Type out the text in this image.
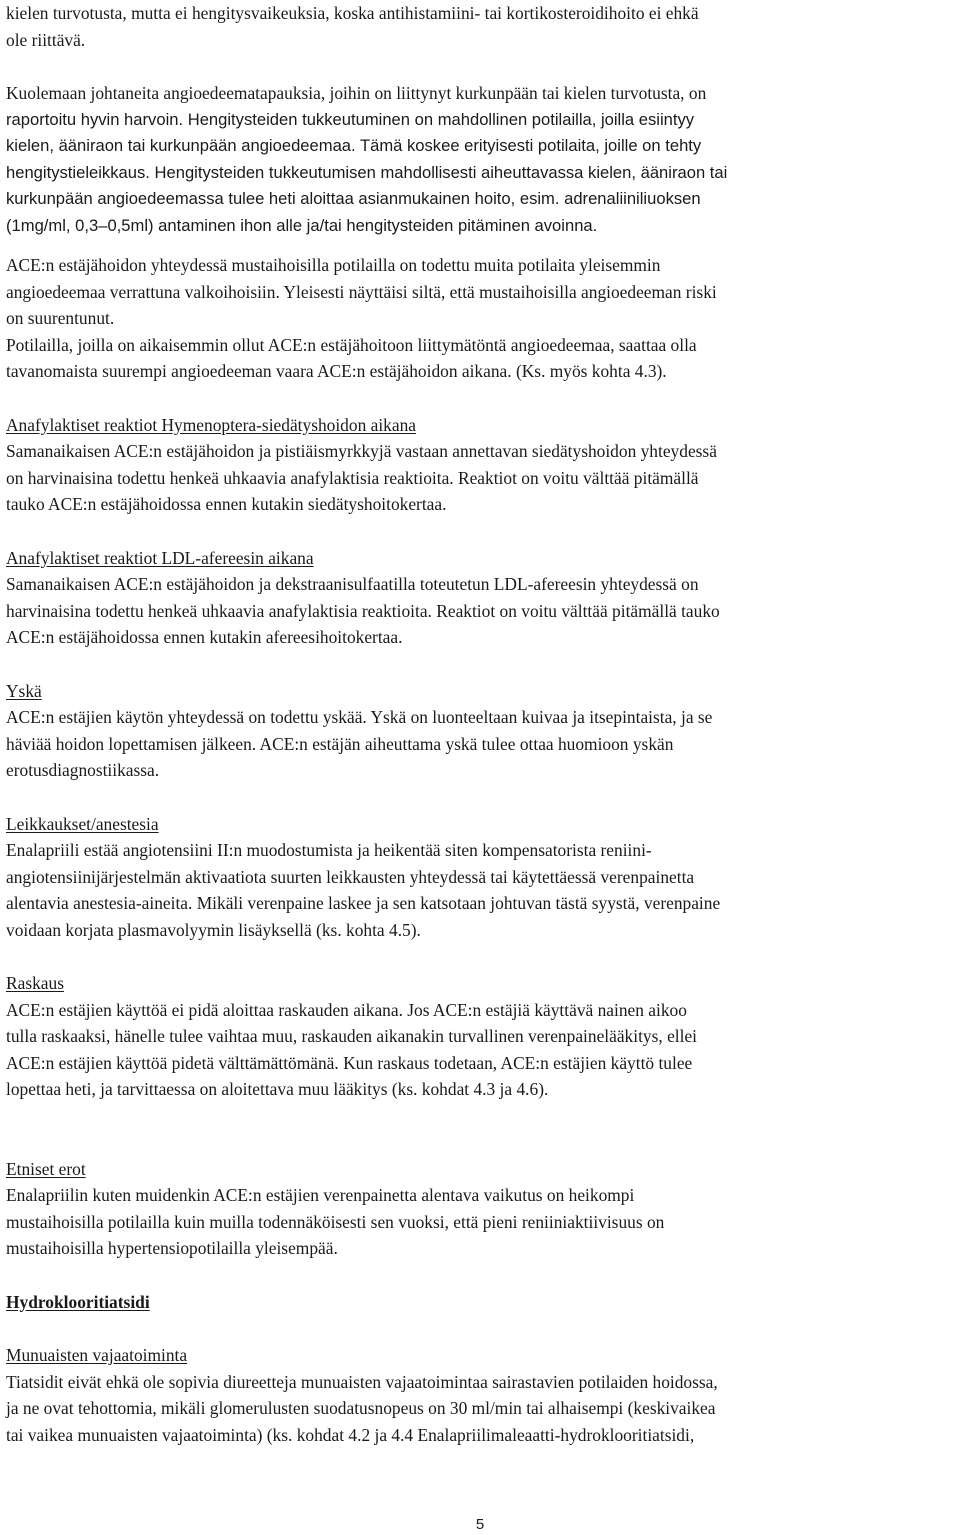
kielen turvotusta, mutta ei hengitysvaikeuksia, koska antihistamiini- tai kortikosteroidihoito ei ehkä
ole riittävä.

Kuolemaan johtaneita angioedeematapauksia, joihin on liittynyt kurkunpään tai kielen turvotusta, on
raportoitu hyvin harvoin. Hengitysteiden tukkeutuminen on mahdollinen potilailla, joilla esiintyy
kielen, ääniraon tai kurkunpään angioedeemaa. Tämä koskee erityisesti potilaita, joille on tehty
hengitystieleikkaus. Hengitysteiden tukkeutumisen mahdollisesti aiheuttavassa kielen, ääniraon tai
kurkunpään angioedeemassa tulee heti aloittaa asianmukainen hoito, esim. adrenaliiniliuoksen
(1mg/ml, 0,3–0,5ml) antaminen ihon alle ja/tai hengitysteiden pitäminen avoinna.

ACE:n estäjähoidon yhteydessä mustaihoisilla potilailla on todettu muita potilaita yleisemmin
angioedeemaa verrattuna valkoihoisiin. Yleisesti näyttäisi siltä, että mustaihoisilla angioedeeman riski
on suurentunut.

Potilailla, joilla on aikaisemmin ollut ACE:n estäjähoitoon liittymätöntä angioedeemaa, saattaa olla
tavanomaista suurempi angioedeeman vaara ACE:n estäjähoidon aikana. (Ks. myös kohta 4.3).

Anafylaktiset reaktiot Hymenoptera-siedätyshoidon aikana

Samanaikaisen ACE:n estäjähoidon ja pistiäismyrkkyjä vastaan annettavan siedätyshoidon yhteydessä
on harvinaisina todettu henkeä uhkaavia anafylaktisia reaktioita. Reaktiot on voitu välttää pitämällä
tauko ACE:n estäjähoidossa ennen kutakin siedätyshoitokertaa.

Anafylaktiset reaktiot LDL-afereesin aikana

Samanaikaisen ACE:n estäjähoidon ja dekstraanisulfaatilla toteutetun LDL-afereesin yhteydessä on
harvinaisina todettu henkeä uhkaavia anafylaktisia reaktioita. Reaktiot on voitu välttää pitämällä tauko
ACE:n estäjähoidossa ennen kutakin afereesihoitokertaa.

Yskä

ACE:n estäjien käytön yhteydessä on todettu yskää. Yskä on luonteeltaan kuivaa ja itsepintaista, ja se
häviää hoidon lopettamisen jälkeen. ACE:n estäjän aiheuttama yskä tulee ottaa huomioon yskän
erotusdiagnostiikassa.

Leikkaukset/anestesia

Enalapriili estää angiotensiini II:n muodostumista ja heikentää siten kompensatorista reniini-
angiotensiinijärjestelmän aktivaatiota suurten leikkausten yhteydessä tai käytettäessä verenpainetta
alentavia anestesia-aineita. Mikäli verenpaine laskee ja sen katsotaan johtuvan tästä syystä, verenpaine
voidaan korjata plasmavolyymin lisäyksellä (ks. kohta 4.5).

Raskaus

ACE:n estäjien käyttöä ei pidä aloittaa raskauden aikana. Jos ACE:n estäjiä käyttävä nainen aikoo
tulla raskaaksi, hänelle tulee vaihtaa muu, raskauden aikanakin turvallinen verenpainelääkitys, ellei
ACE:n estäjien käyttöä pidetä välttämättömänä. Kun raskaus todetaan, ACE:n estäjien käyttö tulee
lopettaa heti, ja tarvittaessa on aloitettava muu lääkitys (ks. kohdat 4.3 ja 4.6).

Etniset erot

Enalapriilin kuten muidenkin ACE:n estäjien verenpainetta alentava vaikutus on heikompi
mustaihoisilla potilailla kuin muilla todennäköisesti sen vuoksi, että pieni reniiniaktiivisuus on
mustaihoisilla hypertensiopotilailla yleisempää.

Hydroklooritiatsidi

Munuaisten vajaatoiminta

Tiatsidit eivät ehkä ole sopivia diureetteja munuaisten vajaatoimintaa sairastavien potilaiden hoidossa,
ja ne ovat tehottomia, mikäli glomerulusten suodatusnopeus on 30 ml/min tai alhaisempi (keskivaikea
tai vaikea munuaisten vajaatoiminta) (ks. kohdat 4.2 ja 4.4 Enalapriilimaleaatti-hydroklooritiatsidi,

5
